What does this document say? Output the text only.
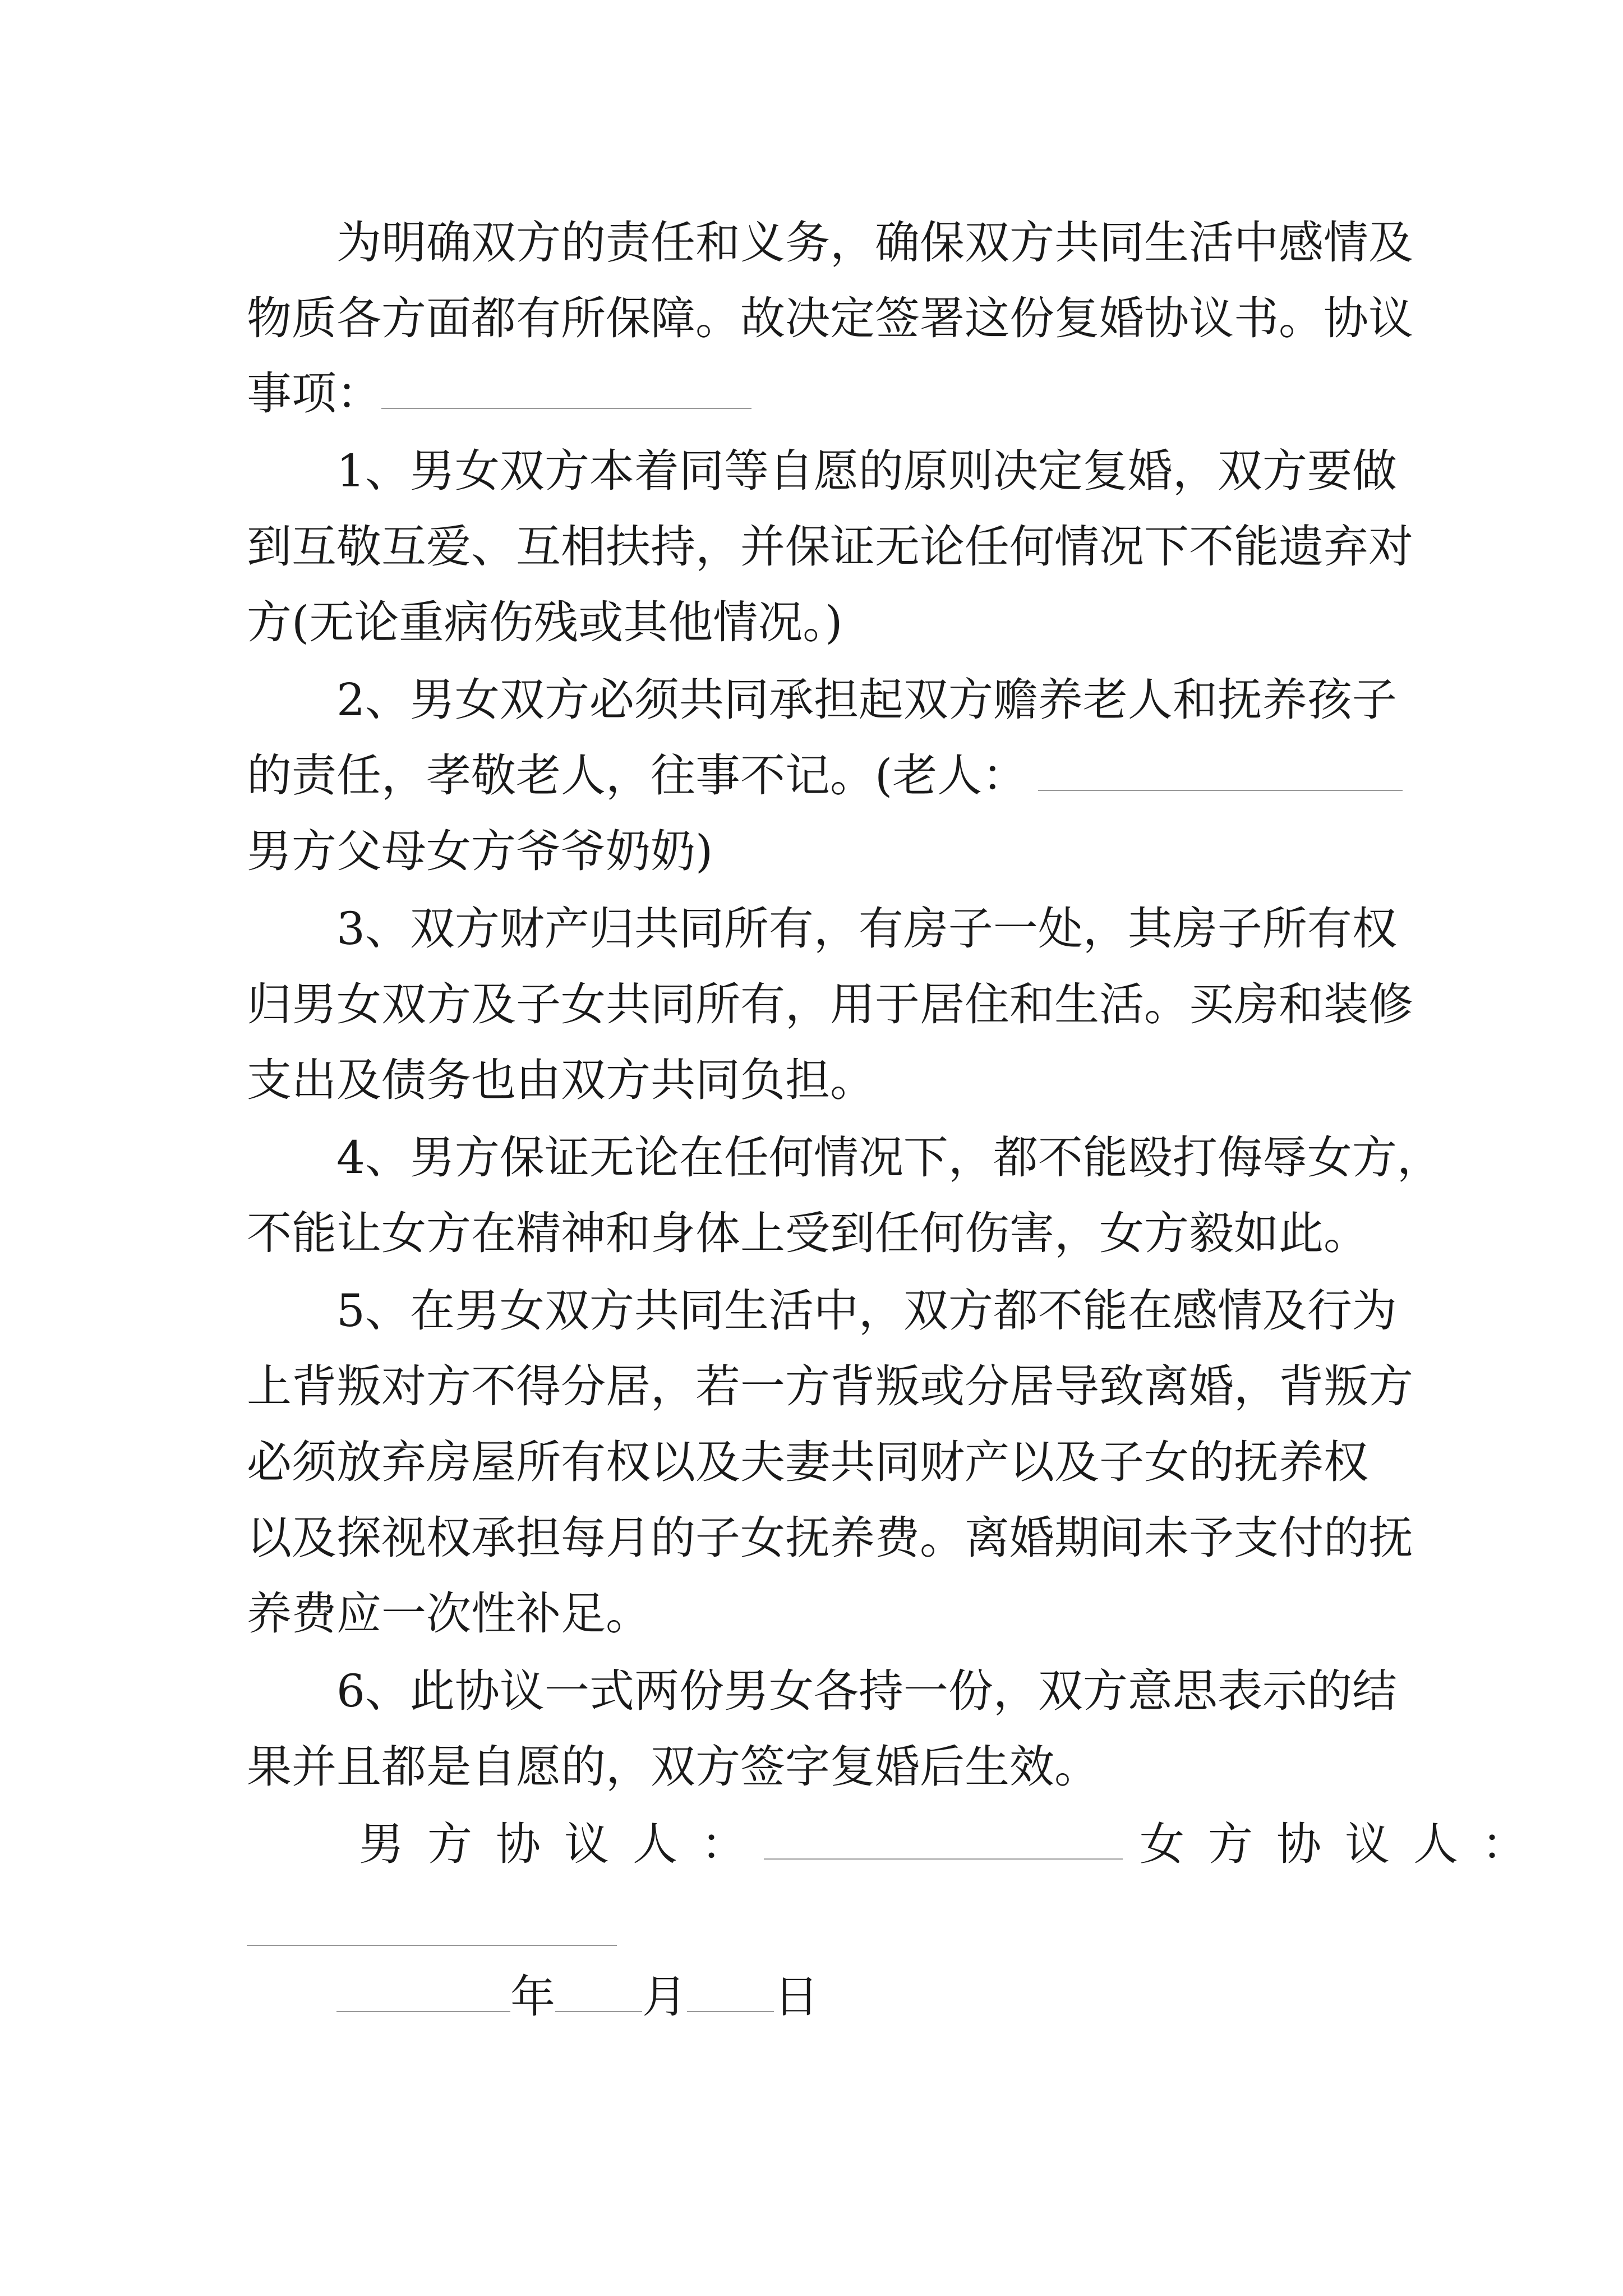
为明确双方的责任和义务，确保双方共同生活中感情及
物质各方面都有所保障。故决定签署这份复婚协议书。协议
事项：
1、男女双方本着同等自愿的原则决定复婚，双方要做
到互敬互爱、互相扶持，并保证无论任何情况下不能遗弃对
方(无论重病伤残或其他情况。)
2、男女双方必须共同承担起双方赡养老人和抚养孩子
的责任，孝敬老人，往事不记。(老人：
男方父母女方爷爷奶奶)
3、双方财产归共同所有，有房子一处，其房子所有权
归男女双方及子女共同所有，用于居住和生活。买房和装修
支出及债务也由双方共同负担。
4、男方保证无论在任何情况下，都不能殴打侮辱女方，
不能让女方在精神和身体上受到任何伤害，女方毅如此。
5、在男女双方共同生活中，双方都不能在感情及行为
上背叛对方不得分居，若一方背叛或分居导致离婚，背叛方
必须放弃房屋所有权以及夫妻共同财产以及子女的抚养权
以及探视权承担每月的子女抚养费。离婚期间未予支付的抚
养费应一次性补足。
6、此协议一式两份男女各持一份，双方意思表示的结
果并且都是自愿的，双方签字复婚后生效。
男方协议人：	女方协议人：
年 月 日
